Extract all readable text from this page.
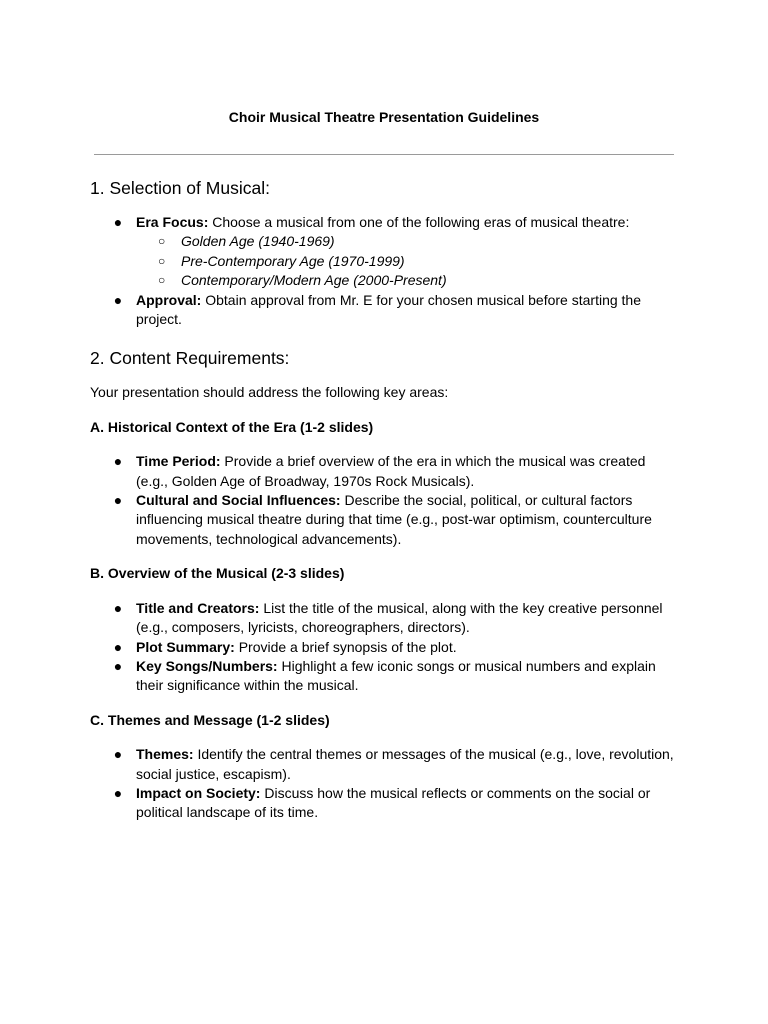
Choir Musical Theatre Presentation Guidelines
1. Selection of Musical:
● Era Focus: Choose a musical from one of the following eras of musical theatre:
○ Golden Age (1940-1969)
○ Pre-Contemporary Age (1970-1999)
○ Contemporary/Modern Age (2000-Present)
● Approval: Obtain approval from Mr. E for your chosen musical before starting the project.
2. Content Requirements:

Your presentation should address the following key areas:

A. Historical Context of the Era (1-2 slides)
● Time Period: Provide a brief overview of the era in which the musical was created (e.g., Golden Age of Broadway, 1970s Rock Musicals).
● Cultural and Social Influences: Describe the social, political, or cultural factors influencing musical theatre during that time (e.g., post-war optimism, counterculture movements, technological advancements).
B. Overview of the Musical (2-3 slides)
● Title and Creators: List the title of the musical, along with the key creative personnel (e.g., composers, lyricists, choreographers, directors).
● Plot Summary: Provide a brief synopsis of the plot.
● Key Songs/Numbers: Highlight a few iconic songs or musical numbers and explain their significance within the musical.
C. Themes and Message (1-2 slides)
● Themes: Identify the central themes or messages of the musical (e.g., love, revolution, social justice, escapism).
● Impact on Society: Discuss how the musical reflects or comments on the social or political landscape of its time.
